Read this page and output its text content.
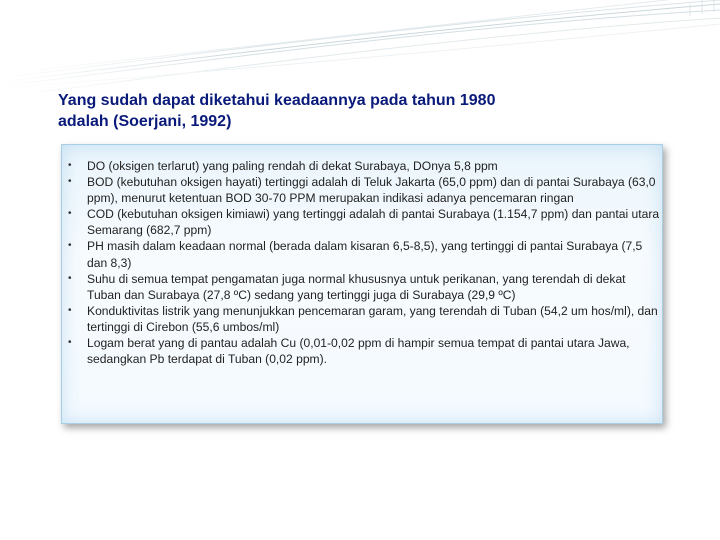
Yang sudah dapat diketahui keadaannya pada tahun 1980
adalah (Soerjani, 1992)
•	DO (oksigen terlarut) yang paling rendah di dekat Surabaya, DOnya 5,8 ppm
•	BOD (kebutuhan oksigen hayati) tertinggi adalah di Teluk Jakarta (65,0 ppm) dan di pantai Surabaya (63,0 ppm), menurut ketentuan BOD 30-70 PPM merupakan indikasi adanya pencemaran ringan
•	COD (kebutuhan oksigen kimiawi) yang tertinggi adalah di pantai Surabaya (1.154,7 ppm) dan pantai utara Semarang (682,7 ppm)
•	PH masih dalam keadaan normal (berada dalam kisaran 6,5-8,5), yang tertinggi di pantai Surabaya (7,5 dan 8,3)
•	Suhu di semua tempat pengamatan juga normal khususnya untuk perikanan, yang terendah di dekat Tuban dan Surabaya (27,8 ºC) sedang yang tertinggi juga di Surabaya (29,9 ºC)
•	Konduktivitas listrik yang menunjukkan pencemaran garam, yang terendah di Tuban (54,2 um hos/ml), dan tertinggi di Cirebon (55,6 umbos/ml)
•	Logam berat yang di pantau adalah Cu (0,01-0,02 ppm di hampir semua tempat di pantai utara Jawa, sedangkan Pb terdapat di Tuban (0,02 ppm).
